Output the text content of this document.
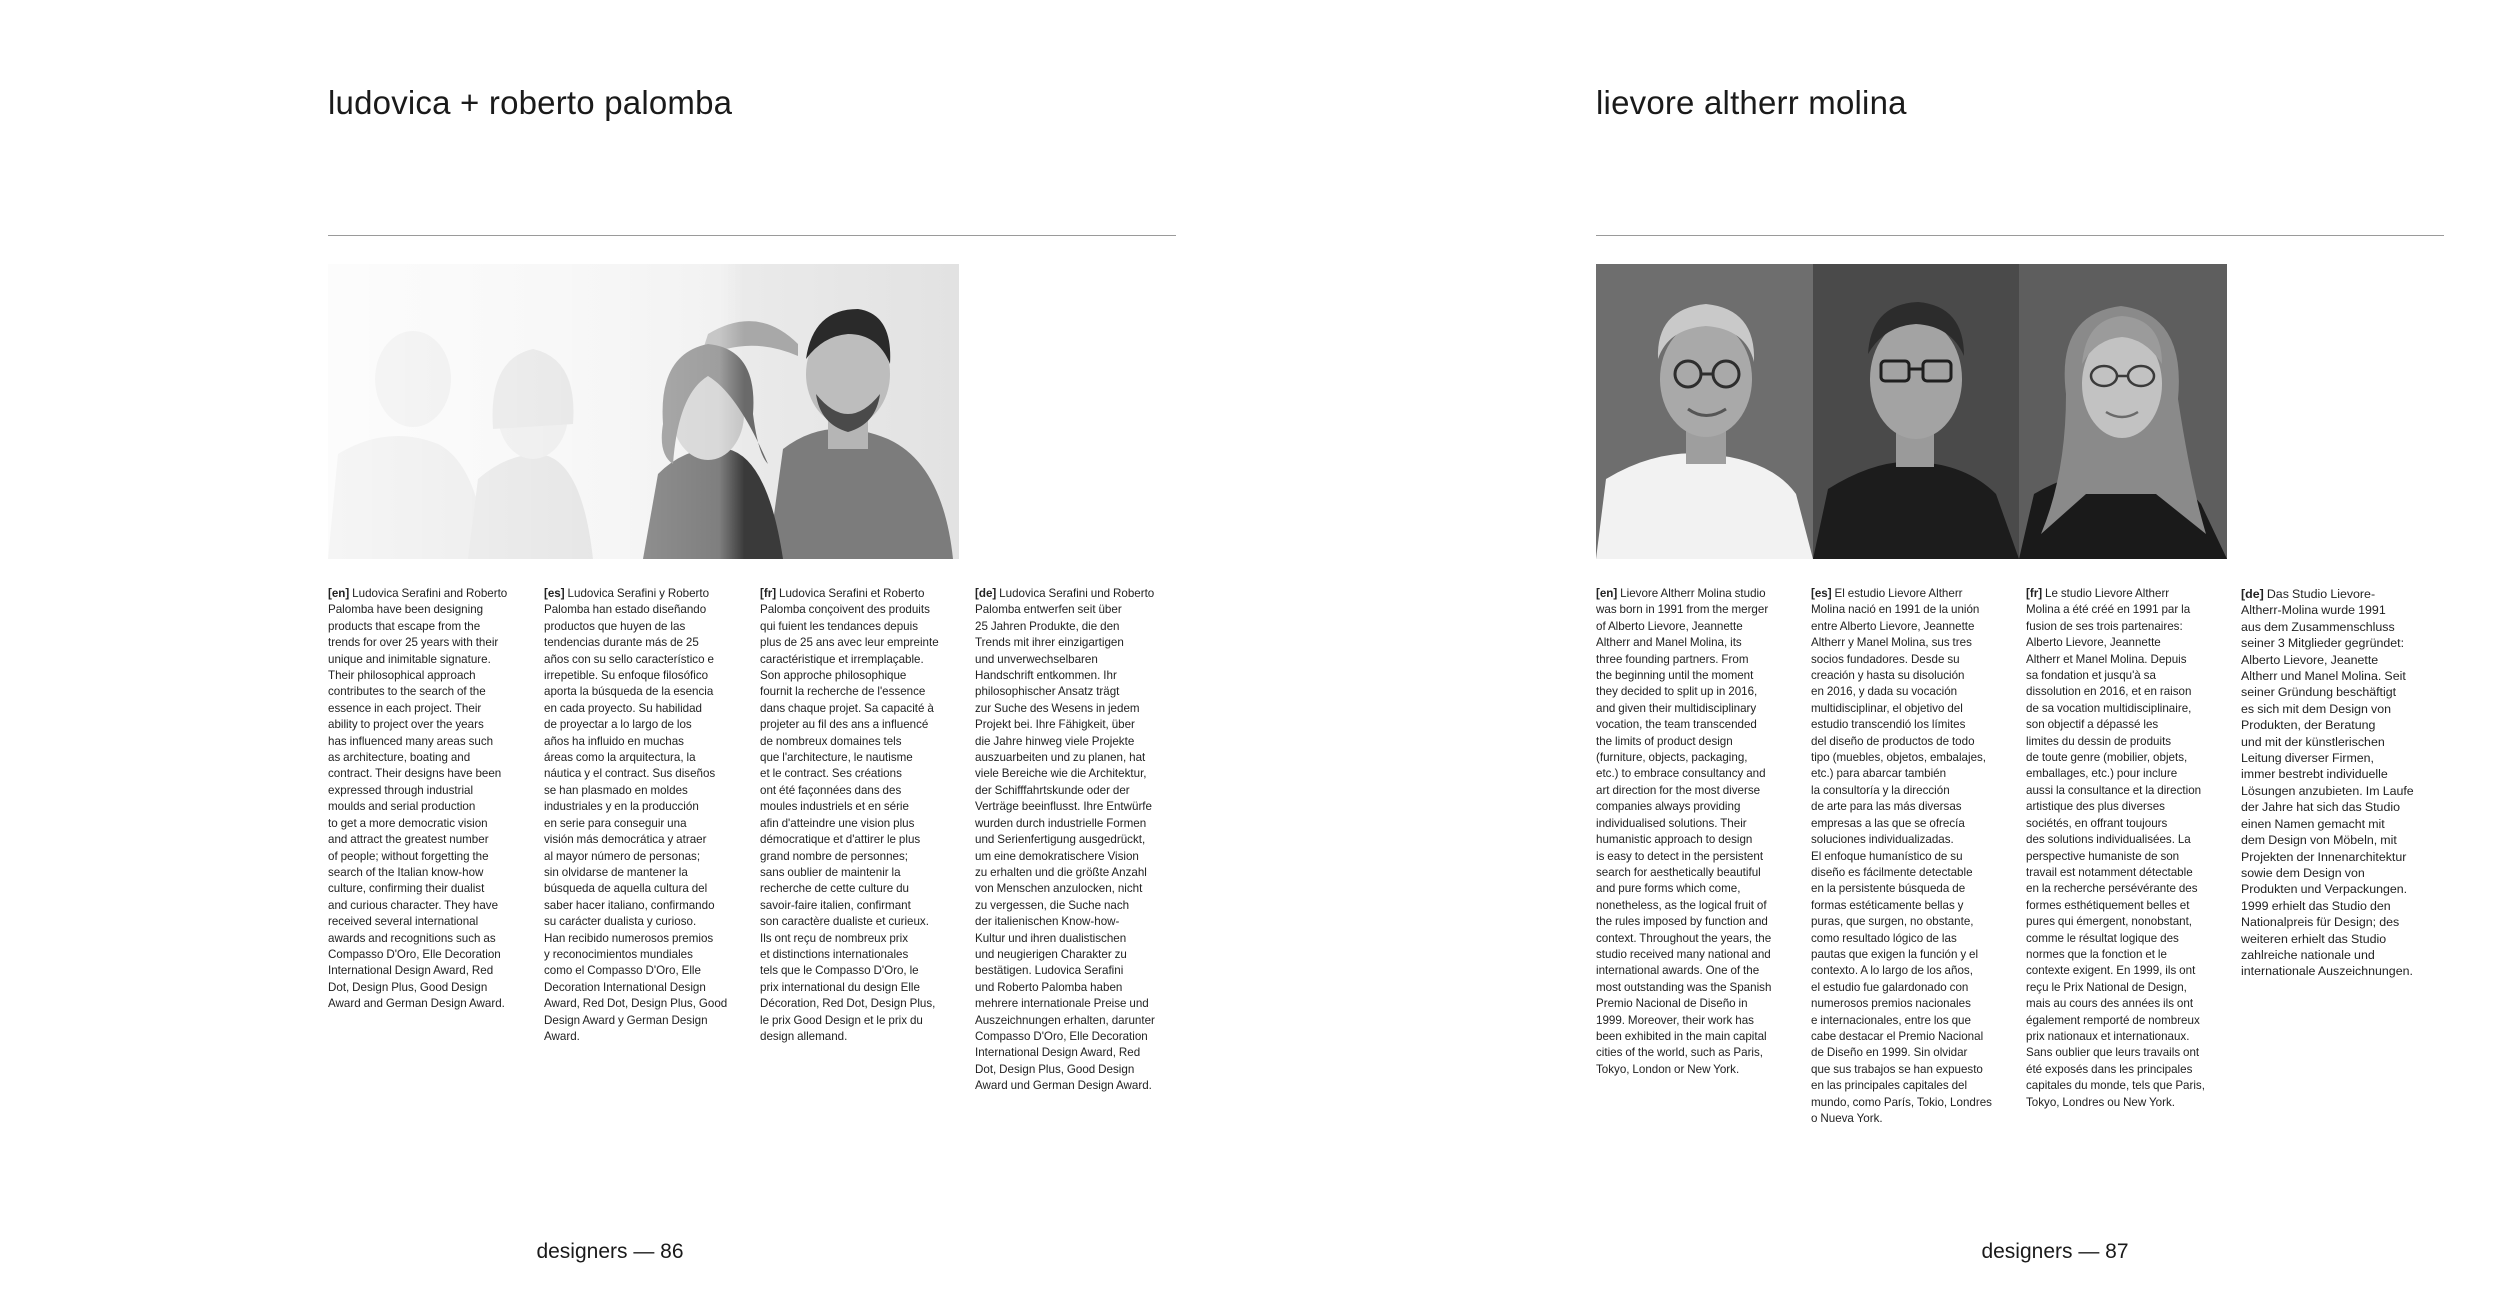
ludovica + roberto palomba
[en] Ludovica Serafini and Roberto
Palomba have been designing
products that escape from the
trends for over 25 years with their
unique and inimitable signature.
Their philosophical approach
contributes to the search of the
essence in each project. Their
ability to project over the years
has influenced many areas such
as architecture, boating and
contract. Their designs have been
expressed through industrial
moulds and serial production
to get a more democratic vision
and attract the greatest number
of people; without forgetting the
search of the Italian know-how
culture, confirming their dualist
and curious character. They have
received several international
awards and recognitions such as
Compasso D'Oro, Elle Decoration
International Design Award, Red
Dot, Design Plus, Good Design
Award and German Design Award.
[es] Ludovica Serafini y Roberto
Palomba han estado diseñando
productos que huyen de las
tendencias durante más de 25
años con su sello característico e
irrepetible. Su enfoque filosófico
aporta la búsqueda de la esencia
en cada proyecto. Su habilidad
de proyectar a lo largo de los
años ha influido en muchas
áreas como la arquitectura, la
náutica y el contract. Sus diseños
se han plasmado en moldes
industriales y en la producción
en serie para conseguir una
visión más democrática y atraer
al mayor número de personas;
sin olvidarse de mantener la
búsqueda de aquella cultura del
saber hacer italiano, confirmando
su carácter dualista y curioso.
Han recibido numerosos premios
y reconocimientos mundiales
como el Compasso D'Oro, Elle
Decoration International Design
Award, Red Dot, Design Plus, Good
Design Award y German Design
Award.
[fr] Ludovica Serafini et Roberto
Palomba conçoivent des produits
qui fuient les tendances depuis
plus de 25 ans avec leur empreinte
caractéristique et irremplaçable.
Son approche philosophique
fournit la recherche de l'essence
dans chaque projet. Sa capacité à
projeter au fil des ans a influencé
de nombreux domaines tels
que l'architecture, le nautisme
et le contract. Ses créations
ont été façonnées dans des
moules industriels et en série
afin d'atteindre une vision plus
démocratique et d'attirer le plus
grand nombre de personnes;
sans oublier de maintenir la
recherche de cette culture du
savoir-faire italien, confirmant
son caractère dualiste et curieux.
Ils ont reçu de nombreux prix
et distinctions internationales
tels que le Compasso D'Oro, le
prix international du design Elle
Décoration, Red Dot, Design Plus,
le prix Good Design et le prix du
design allemand.
[de] Ludovica Serafini und Roberto
Palomba entwerfen seit über
25 Jahren Produkte, die den
Trends mit ihrer einzigartigen
und unverwechselbaren
Handschrift entkommen. Ihr
philosophischer Ansatz trägt
zur Suche des Wesens in jedem
Projekt bei. Ihre Fähigkeit, über
die Jahre hinweg viele Projekte
auszuarbeiten und zu planen, hat
viele Bereiche wie die Architektur,
der Schifffahrtskunde oder der
Verträge beeinflusst. Ihre Entwürfe
wurden durch industrielle Formen
und Serienfertigung ausgedrückt,
um eine demokratischere Vision
zu erhalten und die größte Anzahl
von Menschen anzulocken, nicht
zu vergessen, die Suche nach
der italienischen Know-how-
Kultur und ihren dualistischen
und neugierigen Charakter zu
bestätigen. Ludovica Serafini
und Roberto Palomba haben
mehrere internationale Preise und
Auszeichnungen erhalten, darunter
Compasso D'Oro, Elle Decoration
International Design Award, Red
Dot, Design Plus, Good Design
Award und German Design Award.
designers — 86
lievore altherr molina
[en] Lievore Altherr Molina studio
was born in 1991 from the merger
of Alberto Lievore, Jeannette
Altherr and Manel Molina, its
three founding partners. From
the beginning until the moment
they decided to split up in 2016,
and given their multidisciplinary
vocation, the team transcended
the limits of product design
(furniture, objects, packaging,
etc.) to embrace consultancy and
art direction for the most diverse
companies always providing
individualised solutions. Their
humanistic approach to design
is easy to detect in the persistent
search for aesthetically beautiful
and pure forms which come,
nonetheless, as the logical fruit of
the rules imposed by function and
context. Throughout the years, the
studio received many national and
international awards. One of the
most outstanding was the Spanish
Premio Nacional de Diseño in
1999. Moreover, their work has
been exhibited in the main capital
cities of the world, such as Paris,
Tokyo, London or New York.
[es] El estudio Lievore Altherr
Molina nació en 1991 de la unión
entre Alberto Lievore, Jeannette
Altherr y Manel Molina, sus tres
socios fundadores. Desde su
creación y hasta su disolución
en 2016, y dada su vocación
multidisciplinar, el objetivo del
estudio transcendió los límites
del diseño de productos de todo
tipo (muebles, objetos, embalajes,
etc.) para abarcar también
la consultoría y la dirección
de arte para las más diversas
empresas a las que se ofrecía
soluciones individualizadas.
El enfoque humanístico de su
diseño es fácilmente detectable
en la persistente búsqueda de
formas estéticamente bellas y
puras, que surgen, no obstante,
como resultado lógico de las
pautas que exigen la función y el
contexto. A lo largo de los años,
el estudio fue galardonado con
numerosos premios nacionales
e internacionales, entre los que
cabe destacar el Premio Nacional
de Diseño en 1999. Sin olvidar
que sus trabajos se han expuesto
en las principales capitales del
mundo, como París, Tokio, Londres
o Nueva York.
[fr] Le studio Lievore Altherr
Molina a été créé en 1991 par la
fusion de ses trois partenaires:
Alberto Lievore, Jeannette
Altherr et Manel Molina. Depuis
sa fondation et jusqu'à sa
dissolution en 2016, et en raison
de sa vocation multidisciplinaire,
son objectif a dépassé les
limites du dessin de produits
de toute genre (mobilier, objets,
emballages, etc.) pour inclure
aussi la consultance et la direction
artistique des plus diverses
sociétés, en offrant toujours
des solutions individualisées. La
perspective humaniste de son
travail est notamment détectable
en la recherche persévérante des
formes esthétiquement belles et
pures qui émergent, nonobstant,
comme le résultat logique des
normes que la fonction et le
contexte exigent. En 1999, ils ont
reçu le Prix National de Design,
mais au cours des années ils ont
également remporté de nombreux
prix nationaux et internationaux.
Sans oublier que leurs travails ont
été exposés dans les principales
capitales du monde, tels que Paris,
Tokyo, Londres ou New York.
[de] Das Studio Lievore-
Altherr-Molina wurde 1991
aus dem Zusammenschluss
seiner 3 Mitglieder gegründet:
Alberto Lievore, Jeanette
Altherr und Manel Molina. Seit
seiner Gründung beschäftigt
es sich mit dem Design von
Produkten, der Beratung
und mit der künstlerischen
Leitung diverser Firmen,
immer bestrebt individuelle
Lösungen anzubieten. Im Laufe
der Jahre hat sich das Studio
einen Namen gemacht mit
dem Design von Möbeln, mit
Projekten der Innenarchitektur
sowie dem Design von
Produkten und Verpackungen.
1999 erhielt das Studio den
Nationalpreis für Design; des
weiteren erhielt das Studio
zahlreiche nationale und
internationale Auszeichnungen.
designers — 87
